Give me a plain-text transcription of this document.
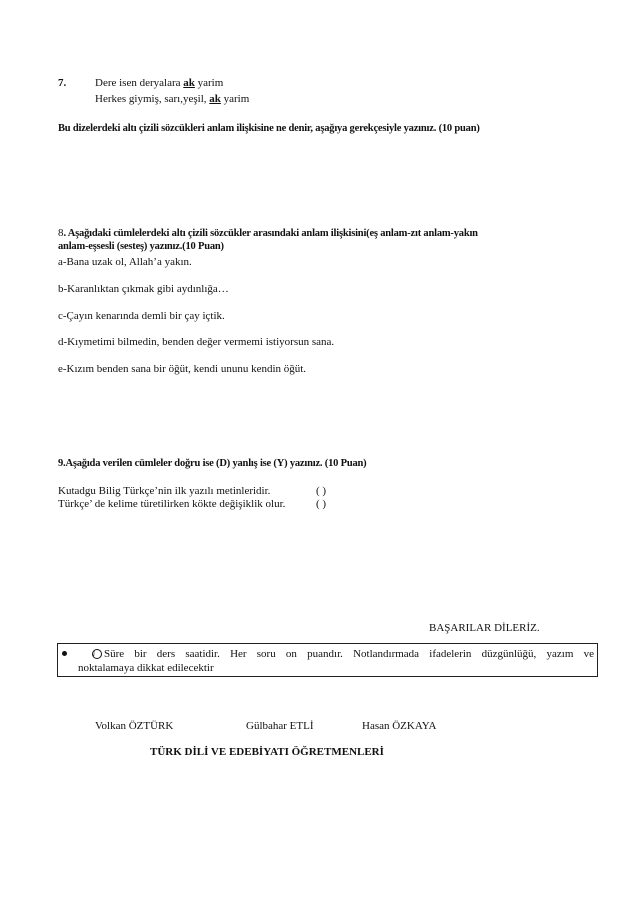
7.	Dere isen deryalara ak yarim
Herkes giymiş, sarı,yeşil, ak yarim
Bu dizelerdeki altı çizili sözcükleri anlam ilişkisine ne denir, aşağıya gerekçesiyle yazınız. (10 puan)
8. Aşağıdaki cümlelerdeki altı çizili sözcükler arasındaki anlam ilişkisini(eş anlam-zıt anlam-yakın
anlam-eşsesli (sesteş) yazınız.(10 Puan)
a-Bana uzak ol, Allah’a yakın.
b-Karanlıktan çıkmak gibi aydınlığa…
c-Çayın kenarında demli bir çay içtik.
d-Kıymetimi bilmedin, benden değer vermemi istiyorsun sana.
e-Kızım benden sana bir öğüt, kendi ununu kendin öğüt.
9.Aşağıda verilen cümleler doğru ise (D) yanlış ise (Y) yazınız. (10 Puan)
Kutadgu Bilig Türkçe’nin ilk yazılı metinleridir.	( )
Türkçe’ de kelime türetilirken kökte değişiklik olur.	( )
BAŞARILAR DİLERİZ.
i Süre bir ders saatidir. Her soru on puandır. Notlandırmada ifadelerin düzgünlüğü, yazım ve
noktalamaya dikkat edilecektir
Volkan ÖZTÜRK	Gülbahar ETLİ	Hasan ÖZKAYA
TÜRK DİLİ VE EDEBİYATI ÖĞRETMENLERİ
